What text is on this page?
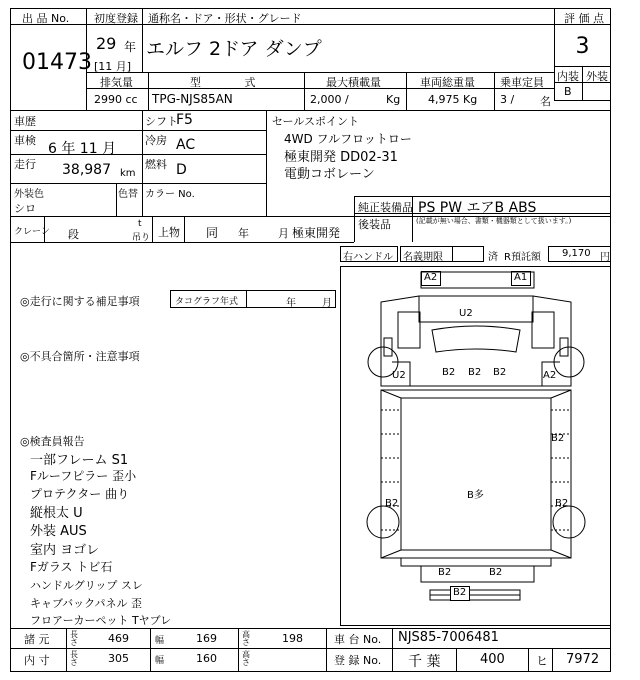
出 品 No.
01473
初度登録 通称名・ドア・形状・グレード
29 年
[11 月]
エルフ 2ドア ダンプ
評 価 点
3
内装 外装
B
排気量	型 式	最大積載量	車両総重量 乗車定員
2990 cc TPG-NJS85AN	2,000 /	Kg	4,975 Kg 3 / 名
車歴	シフト
F5
車検
6 年 11 月
冷房 AC
走行 38,987 km
燃料 D
外装色
シロ
色替 カラー No.
クレーン 段
t
吊り 上物 同 年	月 極東開発
セールスポイント
4WD フルフロットロー
極東開発 DD02-31
電動コボレーン
純正装備品 PS PW エアB ABS
後装品	(記載が無い場合、書類・機器類として扱います。)
右ハンドル 名義期限	済 R預託額 9,170 円
◎走行に関する補足事項	タコグラフ年式	年	月
◎不具合箇所・注意事項
◎検査員報告
一部フレーム S1
Fルーフピラー 歪小
プロテクター 曲り
縦根太 U
外装 AUS
室内 ヨゴレ
Fガラス トビ石
ハンドルグリップ スレ
キャブバックパネル 歪
フロアーカーペット Tヤブレ
A2	A1
U2
U2	A2
B2 B2 B2
B2
B多
B2	B2
B2	B2
B2
諸 元	長さ	469	幅	169	高さ	198
内 寸	長さ	305	幅	160	高さ
車 台 No. NJS85-7006481
登 録 No. 千 葉	400	ヒ 7972
